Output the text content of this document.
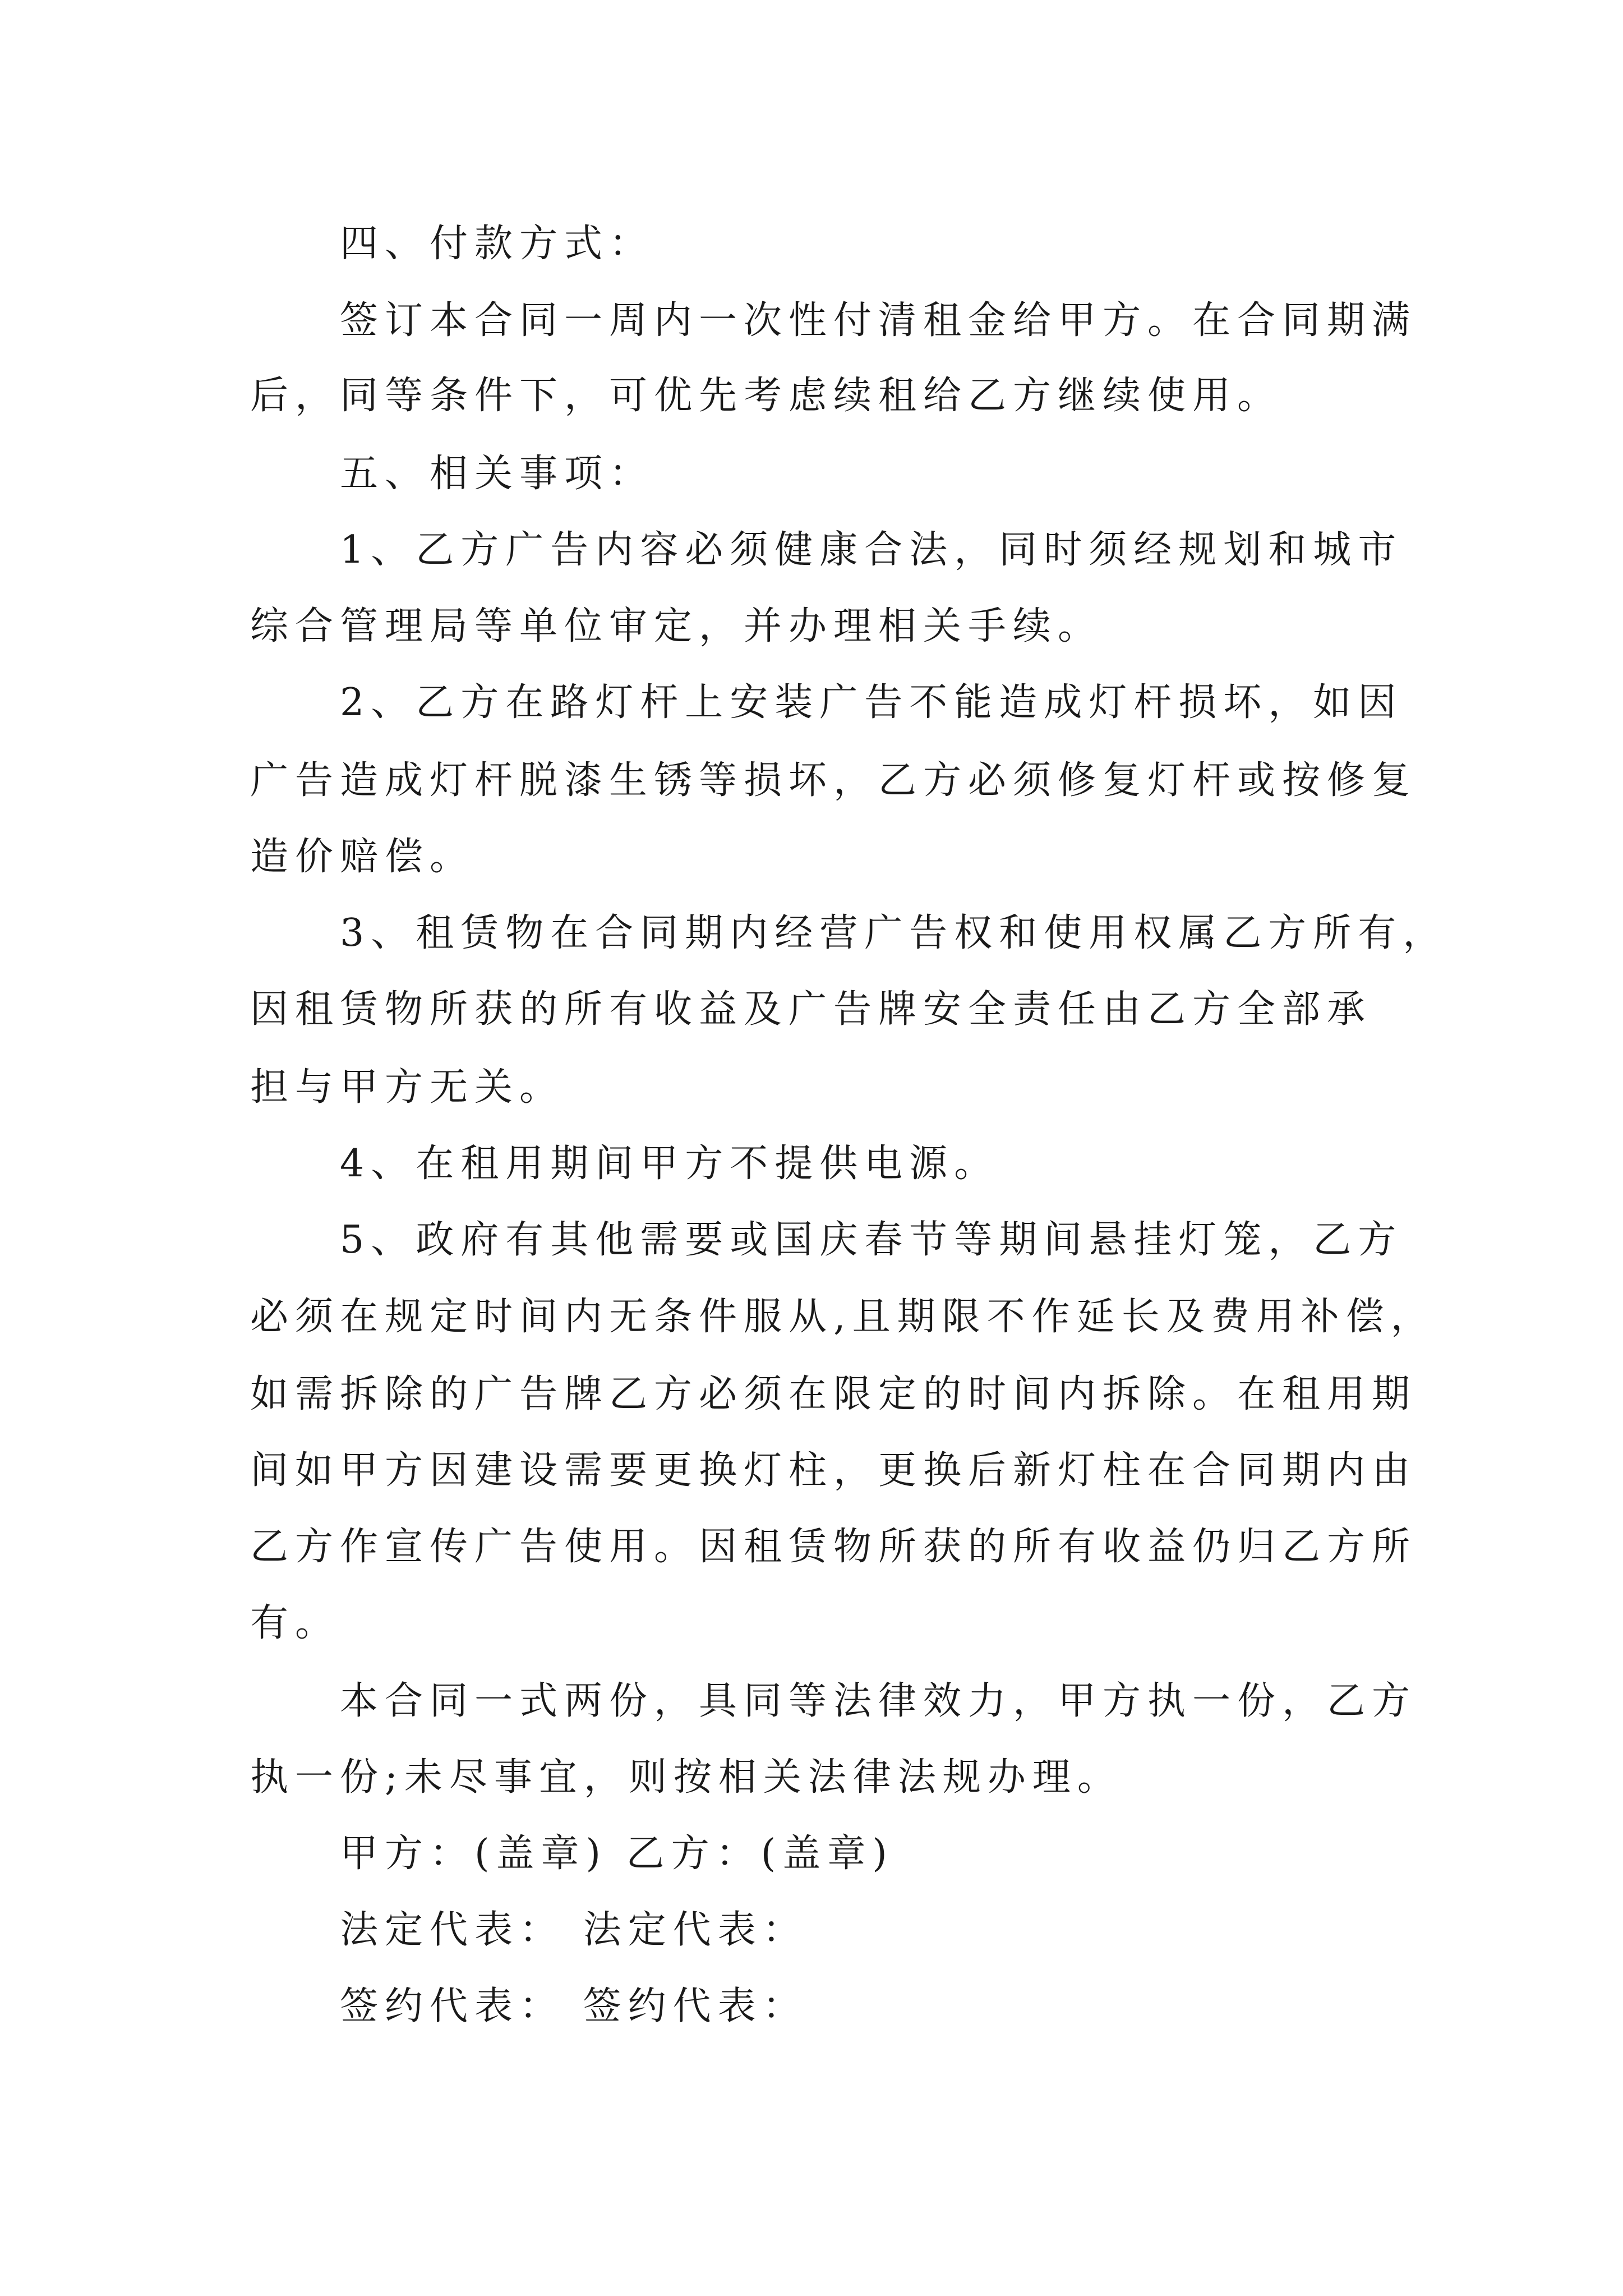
四、付款方式：
签订本合同一周内一次性付清租金给甲方。在合同期满
后，同等条件下，可优先考虑续租给乙方继续使用。
五、相关事项：
1、乙方广告内容必须健康合法，同时须经规划和城市
综合管理局等单位审定，并办理相关手续。
2、乙方在路灯杆上安装广告不能造成灯杆损坏，如因
广告造成灯杆脱漆生锈等损坏，乙方必须修复灯杆或按修复
造价赔偿。
3、租赁物在合同期内经营广告权和使用权属乙方所有，
因租赁物所获的所有收益及广告牌安全责任由乙方全部承
担与甲方无关。
4、在租用期间甲方不提供电源。
5、政府有其他需要或国庆春节等期间悬挂灯笼，乙方
必须在规定时间内无条件服从,且期限不作延长及费用补偿，
如需拆除的广告牌乙方必须在限定的时间内拆除。在租用期
间如甲方因建设需要更换灯柱，更换后新灯柱在合同期内由
乙方作宣传广告使用。因租赁物所获的所有收益仍归乙方所
有。
本合同一式两份，具同等法律效力，甲方执一份，乙方
执一份;未尽事宜，则按相关法律法规办理。
甲方：(盖章) 乙方：(盖章)
法定代表： 法定代表：
签约代表： 签约代表：
